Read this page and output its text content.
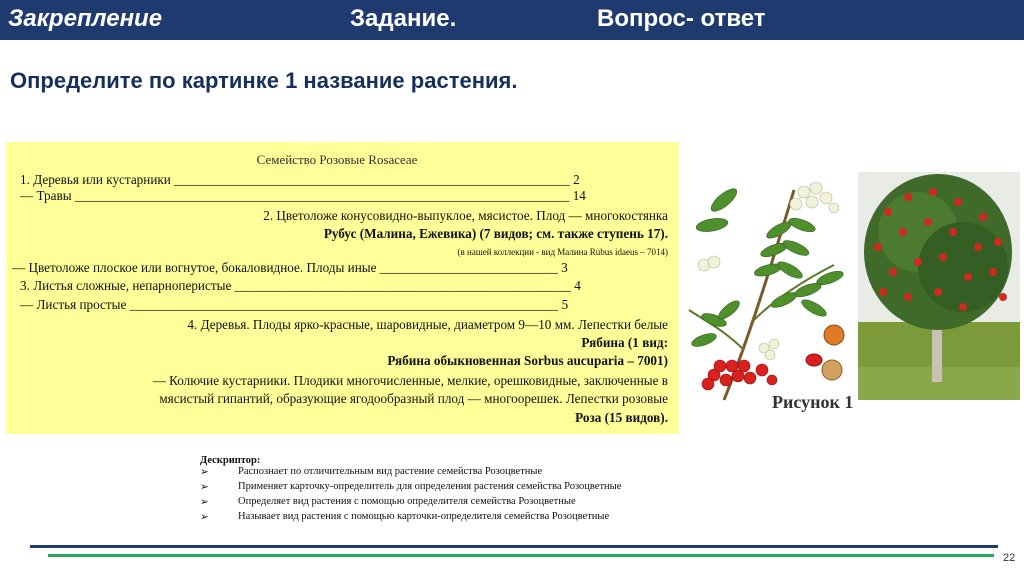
Закрепление	Задание.	Вопрос- ответ
Определите по картинке 1 название растения.
Семейство Розовые Rosaceae
1. Деревья или кустарники ____________________________________________________________ 2
— Травы ___________________________________________________________________________ 14
2. Цветоложе конусовидно-выпуклое, мясистое. Плод — многокостянка
Рубус (Малина, Ежевика) (7 видов; см. также ступень 17).
(в нашей коллекции - вид Малина Rubus idaeus – 7014)
— Цветоложе плоское или вогнутое, бокаловидное. Плоды иные ___________________________ 3
3. Листья сложные, непарноперистые ___________________________________________________ 4
— Листья простые _________________________________________________________________ 5
4. Деревья. Плоды ярко-красные, шаровидные, диаметром 9—10 мм. Лепестки белые
Рябина (1 вид:
Рябина обыкновенная Sorbus aucuparia – 7001)
— Колючие кустарники. Плодики многочисленные, мелкие, орешковидные, заключенные в
мясистый гипантий, образующие ягодообразный плод — многоорешек. Лепестки розовые
Роза (15 видов).
Рисунок 1
Дескриптор:
➢	Распознает по отличительным вид растение семейства Розоцветные
➢	Применяет карточку-определитель для определения растения семейства Розоцветные
➢	Определяет вид растения с помощью определителя семейства Розоцветные
➢	Называет вид растения с помощью карточки-определителя семейства Розоцветные
22
